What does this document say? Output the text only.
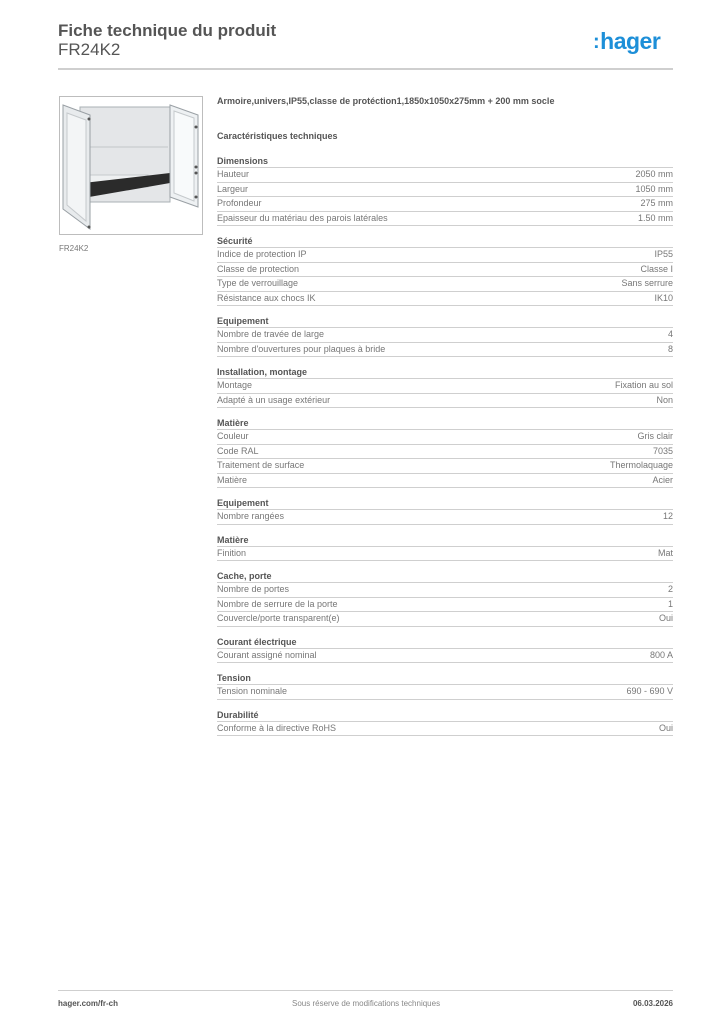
Fiche technique du produit
FR24K2	:hager
FR24K2
Armoire,univers,IP55,classe de protéction1,1850x1050x275mm + 200 mm socle
Caractéristiques techniques
Dimensions
Hauteur	2050 mm
Largeur	1050 mm
Profondeur	275 mm
Epaisseur du matériau des parois latérales	1.50 mm
Sécurité
Indice de protection IP	IP55
Classe de protection	Classe I
Type de verrouillage	Sans serrure
Résistance aux chocs IK	IK10
Equipement
Nombre de travée de large	4
Nombre d'ouvertures pour plaques à bride	8
Installation, montage
Montage	Fixation au sol
Adapté à un usage extérieur	Non
Matière
Couleur	Gris clair
Code RAL	7035
Traitement de surface	Thermolaquage
Matière	Acier
Equipement
Nombre rangées	12
Matière
Finition	Mat
Cache, porte
Nombre de portes	2
Nombre de serrure de la porte	1
Couvercle/porte transparent(e)	Oui
Courant électrique
Courant assigné nominal	800 A
Tension
Tension nominale	690 - 690 V
Durabilité
Conforme à la directive RoHS	Oui
hager.com/fr-ch	Sous réserve de modifications techniques	06.03.2026
